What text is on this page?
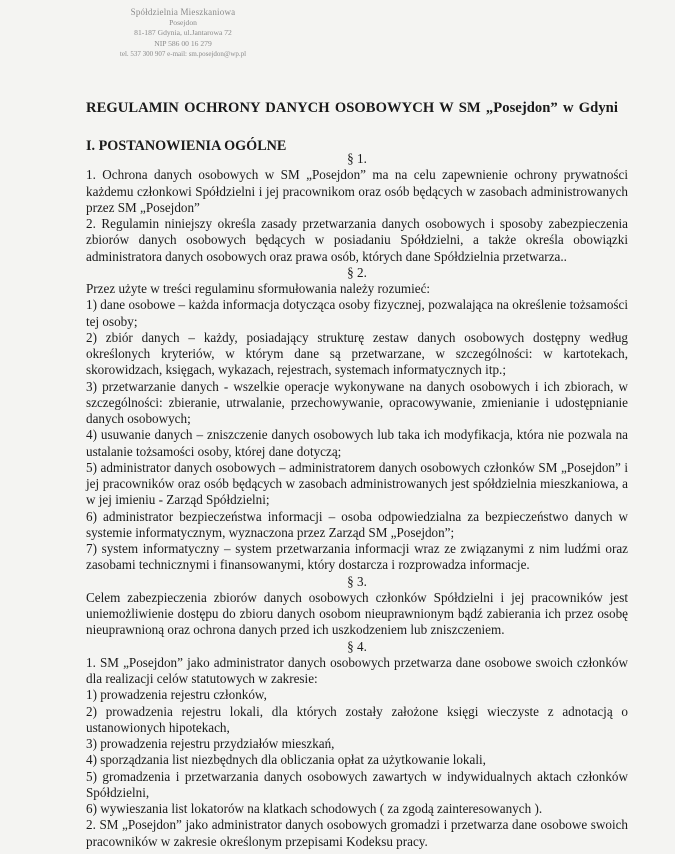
Spółdzielnia Mieszkaniowa
Posejdon
81-187 Gdynia, ul.Jantarowa 72
NIP 586 00 16 279
tel. 537 300 907 e-mail: sm.posejdon@wp.pl
REGULAMIN OCHRONY DANYCH OSOBOWYCH W SM „Posejdon” w Gdyni
I. POSTANOWIENIA OGÓLNE

§ 1.

1. Ochrona danych osobowych w SM „Posejdon” ma na celu zapewnienie ochrony prywatności każdemu członkowi Spółdzielni i jej pracownikom oraz osób będących w zasobach administrowanych przez SM „Posejdon”

2. Regulamin niniejszy określa zasady przetwarzania danych osobowych i sposoby zabezpieczenia zbiorów danych osobowych będących w posiadaniu Spółdzielni, a także określa obowiązki administratora danych osobowych oraz prawa osób, których dane Spółdzielnia przetwarza..

§ 2.

Przez użyte w treści regulaminu sformułowania należy rozumieć:

1) dane osobowe – każda informacja dotycząca osoby fizycznej, pozwalająca na określenie tożsamości tej osoby;

2) zbiór danych – każdy, posiadający strukturę zestaw danych osobowych dostępny według określonych kryteriów, w którym dane są przetwarzane, w szczególności: w kartotekach, skorowidzach, księgach, wykazach, rejestrach, systemach informatycznych itp.;

3) przetwarzanie danych - wszelkie operacje wykonywane na danych osobowych i ich zbiorach, w szczególności: zbieranie, utrwalanie, przechowywanie, opracowywanie, zmienianie i udostępnianie danych osobowych;

4) usuwanie danych – zniszczenie danych osobowych lub taka ich modyfikacja, która nie pozwala na ustalanie tożsamości osoby, której dane dotyczą;

5) administrator danych osobowych – administratorem danych osobowych członków SM „Posejdon” i jej pracowników oraz osób będących w zasobach administrowanych jest spółdzielnia mieszkaniowa, a w jej imieniu - Zarząd Spółdzielni;

6) administrator bezpieczeństwa informacji – osoba odpowiedzialna za bezpieczeństwo danych w systemie informatycznym, wyznaczona przez Zarząd SM „Posejdon”;

7) system informatyczny – system przetwarzania informacji wraz ze związanymi z nim ludźmi oraz zasobami technicznymi i finansowanymi, który dostarcza i rozprowadza informacje.

§ 3.

Celem zabezpieczenia zbiorów danych osobowych członków Spółdzielni i jej pracowników jest uniemożliwienie dostępu do zbioru danych osobom nieuprawnionym bądź zabierania ich przez osobę nieuprawnioną oraz ochrona danych przed ich uszkodzeniem lub zniszczeniem.

§ 4.

1. SM „Posejdon” jako administrator danych osobowych przetwarza dane osobowe swoich członków dla realizacji celów statutowych w zakresie:

1) prowadzenia rejestru członków,

2) prowadzenia rejestru lokali, dla których zostały założone księgi wieczyste z adnotacją o ustanowionych hipotekach,

3) prowadzenia rejestru przydziałów mieszkań,

4) sporządzania list niezbędnych dla obliczania opłat za użytkowanie lokali,

5) gromadzenia i przetwarzania danych osobowych zawartych w indywidualnych aktach członków Spółdzielni,

6) wywieszania list lokatorów na klatkach schodowych ( za zgodą zainteresowanych ).

2. SM „Posejdon” jako administrator danych osobowych gromadzi i przetwarza dane osobowe swoich pracowników w zakresie określonym przepisami Kodeksu pracy.
